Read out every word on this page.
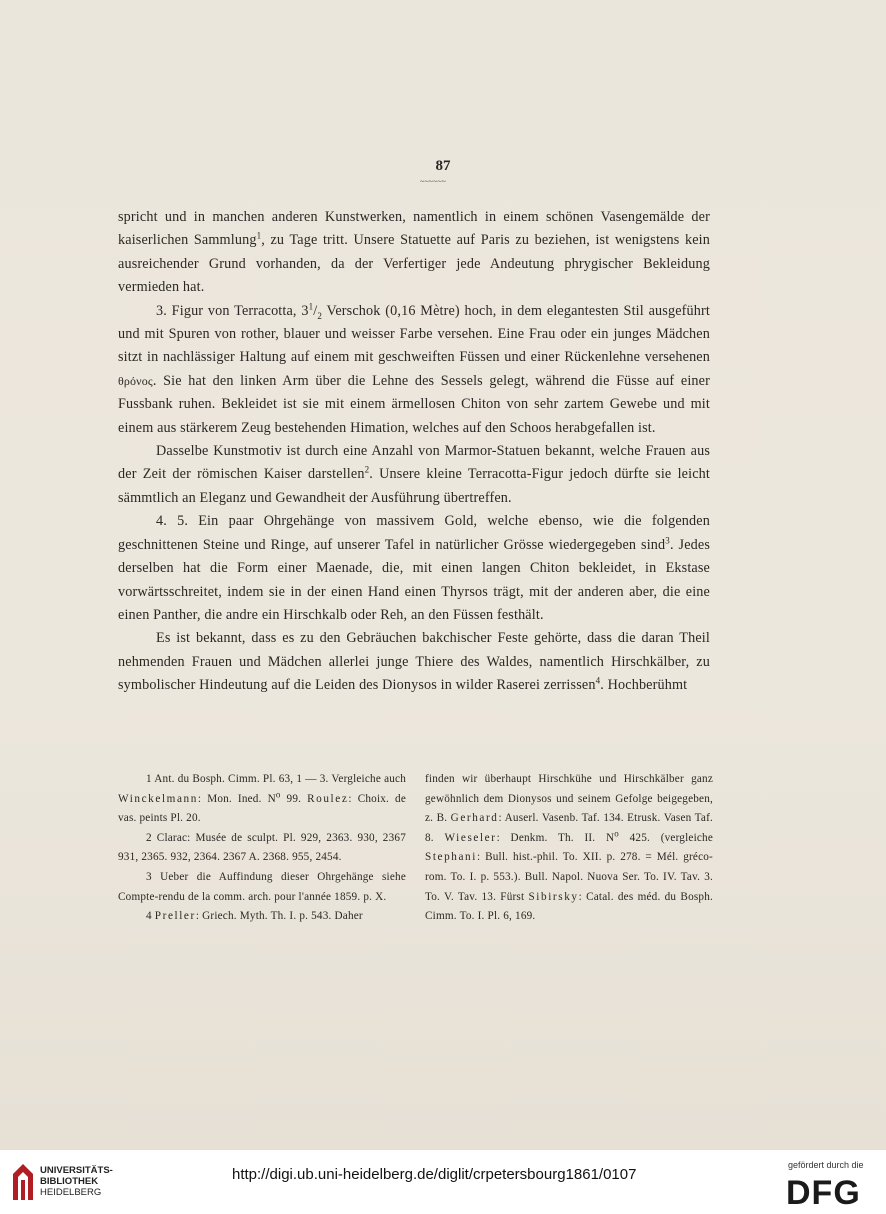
87
~~~~~~

spricht und in manchen anderen Kunstwerken, namentlich in einem schönen Vasengemälde der kaiserlichen Sammlung$^1$, zu Tage tritt. Unsere Statuette auf Paris zu beziehen, ist wenigstens kein ausreichender Grund vorhanden, da der Verfertiger jede Andeutung phrygischer Bekleidung vermieden hat.

3. Figur von Terracotta, $3^1/_2$ Verschok (0,16 Mètre) hoch, in dem elegantesten Stil ausgeführt und mit Spuren von rother, blauer und weisser Farbe versehen. Eine Frau oder ein junges Mädchen sitzt in nachlässiger Haltung auf einem mit geschweiften Füssen und einer Rückenlehne versehenen θρόνος. Sie hat den linken Arm über die Lehne des Sessels gelegt, während die Füsse auf einer Fussbank ruhen. Bekleidet ist sie mit einem ärmellosen Chiton von sehr zartem Gewebe und mit einem aus stärkerem Zeug bestehenden Himation, welches auf den Schoos herabgefallen ist.

Dasselbe Kunstmotiv ist durch eine Anzahl von Marmor-Statuen bekannt, welche Frauen aus der Zeit der römischen Kaiser darstellen$^2$. Unsere kleine Terracotta-Figur jedoch dürfte sie leicht sämmtlich an Eleganz und Gewandheit der Ausführung übertreffen.

4. 5. Ein paar Ohrgehänge von massivem Gold, welche ebenso, wie die folgenden geschnittenen Steine und Ringe, auf unserer Tafel in natürlicher Grösse wiedergegeben sind$^3$. Jedes derselben hat die Form einer Maenade, die, mit einen langen Chiton bekleidet, in Ekstase vorwärtsschreitet, indem sie in der einen Hand einen Thyrsos trägt, mit der anderen aber, die eine einen Panther, die andre ein Hirschkalb oder Reh, an den Füssen festhält.

Es ist bekannt, dass es zu den Gebräuchen bakchischer Feste gehörte, dass die daran Theil nehmenden Frauen und Mädchen allerlei junge Thiere des Waldes, namentlich Hirschkälber, zu symbolischer Hindeutung auf die Leiden des Dionysos in wilder Raserei zerrissen$^4$. Hochberühmt

1 Ant. du Bosph. Cimm. Pl. 63, 1 — 3. Vergleiche auch Winckelmann: Mon. Ined. $N^o$ 99. Roulez: Choix. de vas. peints Pl. 20.

2 Clarac: Musée de sculpt. Pl. 929, 2363. 930, 2367 931, 2365. 932, 2364. 2367 A. 2368. 955, 2454.

3 Ueber die Auffindung dieser Ohrgehänge siehe Compte-rendu de la comm. arch. pour l'année 1859. p. X.

4 Preller: Griech. Myth. Th. I. p. 543. Daher

finden wir überhaupt Hirschkühe und Hirschkälber ganz gewöhnlich dem Dionysos und seinem Gefolge beigegeben, z. B. Gerhard: Auserl. Vasenb. Taf. 134. Etrusk. Vasen Taf. 8. Wieseler: Denkm. Th. II. $N^o$ 425. (vergleiche Stephani: Bull. hist.-phil. To. XII. p. 278. = Mél. gréco-rom. To. I. p. 553.). Bull. Napol. Nuova Ser. To. IV. Tav. 3. To. V. Tav. 13. Fürst Sibirsky: Catal. des méd. du Bosph. Cimm. To. I. Pl. 6, 169.

UNIVERSITÄTS-
BIBLIOTHEK
HEIDELBERG
http://digi.ub.uni-heidelberg.de/diglit/crpetersbourg1861/0107
gefördert durch die
DFG
